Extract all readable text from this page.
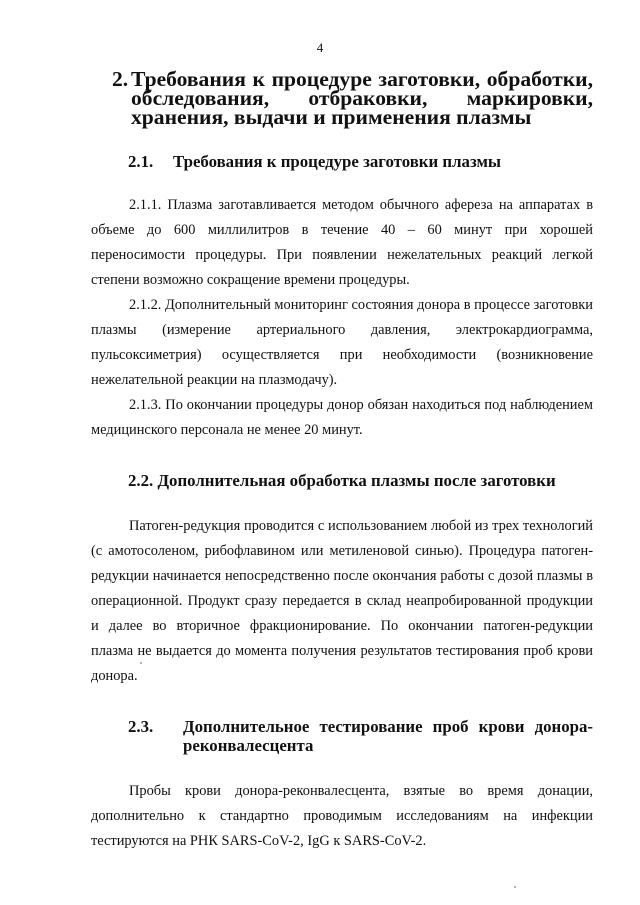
4
2. Требования к процедуре заготовки, обработки, обследования, отбраковки, маркировки, хранения, выдачи и применения плазмы
2.1.	Требования к процедуре заготовки плазмы

2.1.1. Плазма заготавливается методом обычного афереза на аппаратах в объеме до 600 миллилитров в течение 40 – 60 минут при хорошей переносимости процедуры. При появлении нежелательных реакций легкой степени возможно сокращение времени процедуры.

2.1.2. Дополнительный мониторинг состояния донора в процессе заготовки плазмы (измерение артериального давления, электрокардиограмма, пульсоксиметрия) осуществляется при необходимости (возникновение нежелательной реакции на плазмодачу).

2.1.3. По окончании процедуры донор обязан находиться под наблюдением медицинского персонала не менее 20 минут.

2.2. Дополнительная обработка плазмы после заготовки

Патоген-редукция проводится с использованием любой из трех технологий (с амотосоленом, рибофлавином или метиленовой синью). Процедура патоген-редукции начинается непосредственно после окончания работы с дозой плазмы в операционной. Продукт сразу передается в склад неапробированной продукции и далее во вторичное фракционирование. По окончании патоген-редукции плазма не выдается до момента получения результатов тестирования проб крови донора.

2.3.	Дополнительное тестирование проб крови донора-реконвалесцента

Пробы крови донора-реконвалесцента, взятые во время донации, дополнительно к стандартно проводимым исследованиям на инфекции тестируются на РНК SARS-CoV-2, IgG к SARS-CoV-2.
